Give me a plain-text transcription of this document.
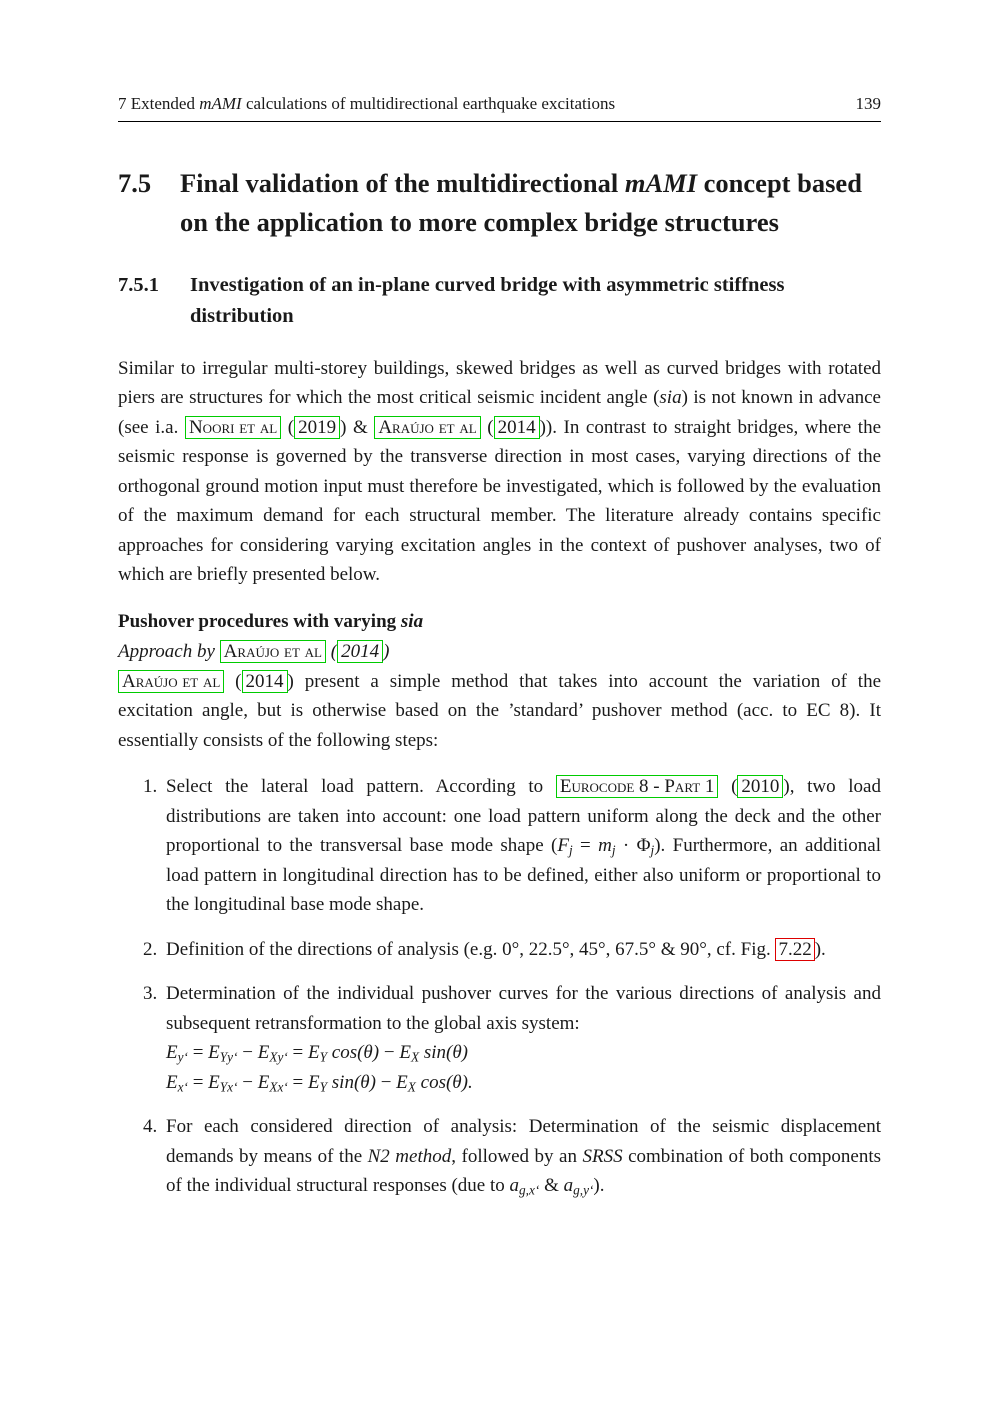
7 Extended mAMI calculations of multidirectional earthquake excitations	139
7.5	Final validation of the multidirectional mAMI concept based
on the application to more complex bridge structures
7.5.1	Investigation of an in-plane curved bridge with asymmetric stiffness
distribution

Similar to irregular multi-storey buildings, skewed bridges as well as curved bridges with rotated piers are structures for which the most critical seismic incident angle (sia) is not known in advance (see i.a. Noori et al ( 2019 ) & Araújo et al ( 2014 )). In contrast to straight bridges, where the seismic response is governed by the transverse direction in most cases, varying directions of the orthogonal ground motion input must therefore be investigated, which is followed by the evaluation of the maximum demand for each structural member. The literature already contains specific approaches for considering varying excitation angles in the context of pushover analyses, two of which are briefly presented below.

Pushover procedures with varying sia

Approach by Araújo et al ( 2014 )

Araújo et al ( 2014 ) present a simple method that takes into account the variation of the excitation angle, but is otherwise based on the ’standard’ pushover method (acc. to EC 8). It essentially consists of the following steps:

1. Select the lateral load pattern. According to Eurocode 8 - Part 1 ( 2010 ), two load distributions are taken into account: one load pattern uniform along the deck and the other proportional to the transversal base mode shape $(F_j = m_j \cdot \Phi_j)$. Furthermore, an additional load pattern in longitudinal direction has to be defined, either also uniform or proportional to the longitudinal base mode shape.
2. Definition of the directions of analysis (e.g. 0°, 22.5°, 45°, 67.5° & 90°, cf. Fig. 7.22 ).
3. Determination of the individual pushover curves for the various directions of analysis and subsequent retransformation to the global axis system:
$E_{y‘} = E_{Yy‘} - E_{Xy‘} = E_Y$ $\cos(\theta) - E_X$ sin(θ)
$E_{x‘} = E_{Yx‘} - E_{Xx‘} = E_Y$ $\sin(\theta) - E_X$ cos(θ).
4. For each considered direction of analysis: Determination of the seismic displacement demands by means of the N2 method, followed by an SRSS combination of both components of the individual structural responses (due to $a_{g,x‘}$ & $a_{g,y‘}$).
